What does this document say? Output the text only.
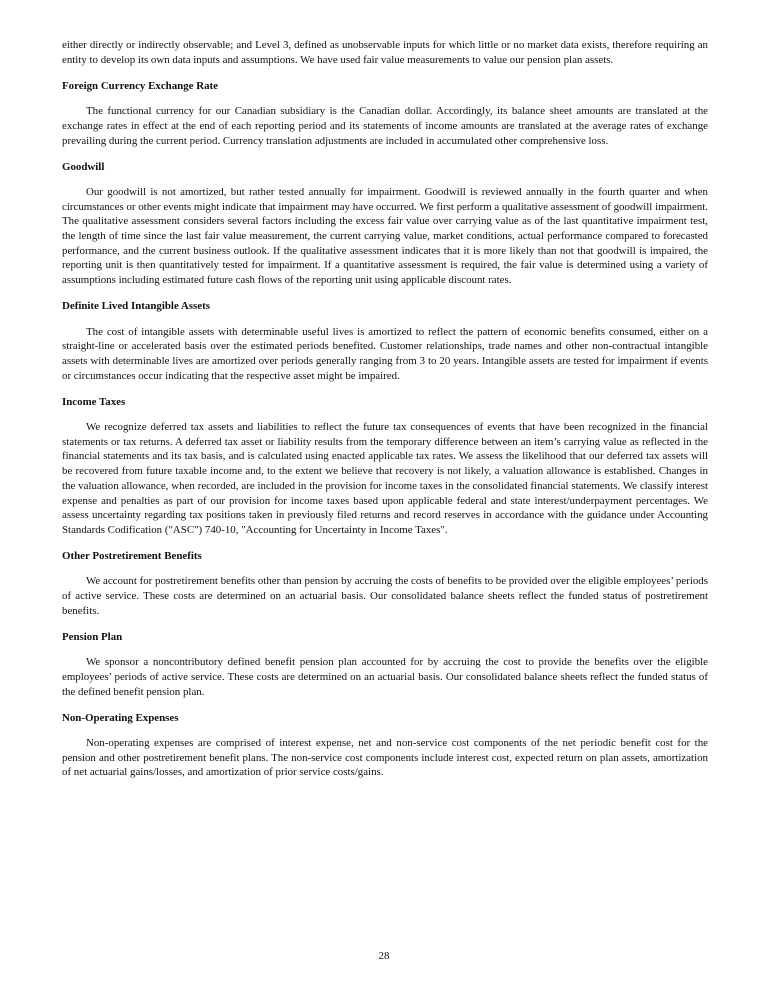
either directly or indirectly observable; and Level 3, defined as unobservable inputs for which little or no market data exists, therefore requiring an entity to develop its own data inputs and assumptions. We have used fair value measurements to value our pension plan assets.

Foreign Currency Exchange Rate

The functional currency for our Canadian subsidiary is the Canadian dollar. Accordingly, its balance sheet amounts are translated at the exchange rates in effect at the end of each reporting period and its statements of income amounts are translated at the average rates of exchange prevailing during the current period. Currency translation adjustments are included in accumulated other comprehensive loss.

Goodwill

Our goodwill is not amortized, but rather tested annually for impairment. Goodwill is reviewed annually in the fourth quarter and when circumstances or other events might indicate that impairment may have occurred. We first perform a qualitative assessment of goodwill impairment. The qualitative assessment considers several factors including the excess fair value over carrying value as of the last quantitative impairment test, the length of time since the last fair value measurement, the current carrying value, market conditions, actual performance compared to forecasted performance, and the current business outlook. If the qualitative assessment indicates that it is more likely than not that goodwill is impaired, the reporting unit is then quantitatively tested for impairment. If a quantitative assessment is required, the fair value is determined using a variety of assumptions including estimated future cash flows of the reporting unit using applicable discount rates.

Definite Lived Intangible Assets

The cost of intangible assets with determinable useful lives is amortized to reflect the pattern of economic benefits consumed, either on a straight-line or accelerated basis over the estimated periods benefited. Customer relationships, trade names and other non-contractual intangible assets with determinable lives are amortized over periods generally ranging from 3 to 20 years. Intangible assets are tested for impairment if events or circumstances occur indicating that the respective asset might be impaired.

Income Taxes

We recognize deferred tax assets and liabilities to reflect the future tax consequences of events that have been recognized in the financial statements or tax returns. A deferred tax asset or liability results from the temporary difference between an item’s carrying value as reflected in the financial statements and its tax basis, and is calculated using enacted applicable tax rates. We assess the likelihood that our deferred tax assets will be recovered from future taxable income and, to the extent we believe that recovery is not likely, a valuation allowance is established. Changes in the valuation allowance, when recorded, are included in the provision for income taxes in the consolidated financial statements. We classify interest expense and penalties as part of our provision for income taxes based upon applicable federal and state interest/underpayment percentages. We assess uncertainty regarding tax positions taken in previously filed returns and record reserves in accordance with the guidance under Accounting Standards Codification ("ASC") 740-10, "Accounting for Uncertainty in Income Taxes".

Other Postretirement Benefits

We account for postretirement benefits other than pension by accruing the costs of benefits to be provided over the eligible employees’ periods of active service. These costs are determined on an actuarial basis. Our consolidated balance sheets reflect the funded status of postretirement benefits.

Pension Plan

We sponsor a noncontributory defined benefit pension plan accounted for by accruing the cost to provide the benefits over the eligible employees’ periods of active service. These costs are determined on an actuarial basis. Our consolidated balance sheets reflect the funded status of the defined benefit pension plan.

Non-Operating Expenses

Non-operating expenses are comprised of interest expense, net and non-service cost components of the net periodic benefit cost for the pension and other postretirement benefit plans. The non-service cost components include interest cost, expected return on plan assets, amortization of net actuarial gains/losses, and amortization of prior service costs/gains.

28
